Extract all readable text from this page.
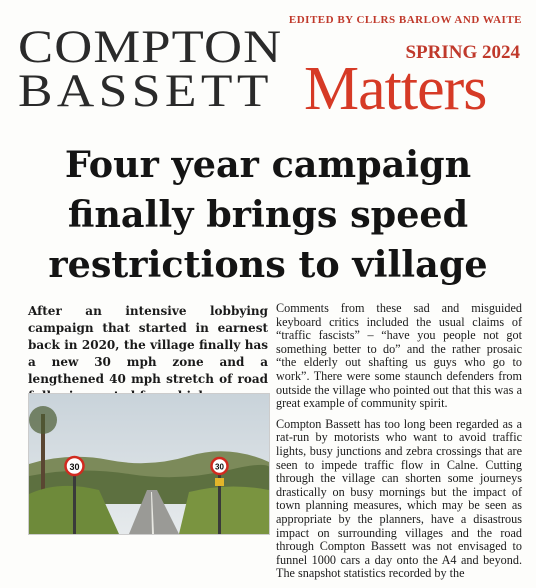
COMPTON
BASSETT
EDITED BY CLLRS BARLOW AND WAITE
SPRING 2024
Matters
Four year campaign
finally brings speed
restrictions to village

After an intensive lobbying campaign that started in earnest back in 2020, the village finally has a new 30 mph zone and a lengthened 40 mph stretch of road

30	30

Comments from these sad and misguided keyboard critics included the usual claims of “traffic fascists” – “have you people not got something better to do” and the rather prosaic “the elderly out shafting us guys who go to work”. There were some staunch defenders from outside the village who pointed out that this was a great example of community spirit.

Compton Bassett has too long been regarded as a rat-run by motorists who want to avoid traffic lights, busy junctions and zebra crossings that are seen to impede traffic flow in Calne. Cutting through the village can shorten some journeys drastically on busy mornings but the impact of town planning measures, which may be seen as appropriate by the planners, have a disastrous impact on surrounding villages and the road through Compton Bassett was not envisaged to funnel 1000 cars a day onto the A4 and beyond. The snapshot statistics recorded by the
